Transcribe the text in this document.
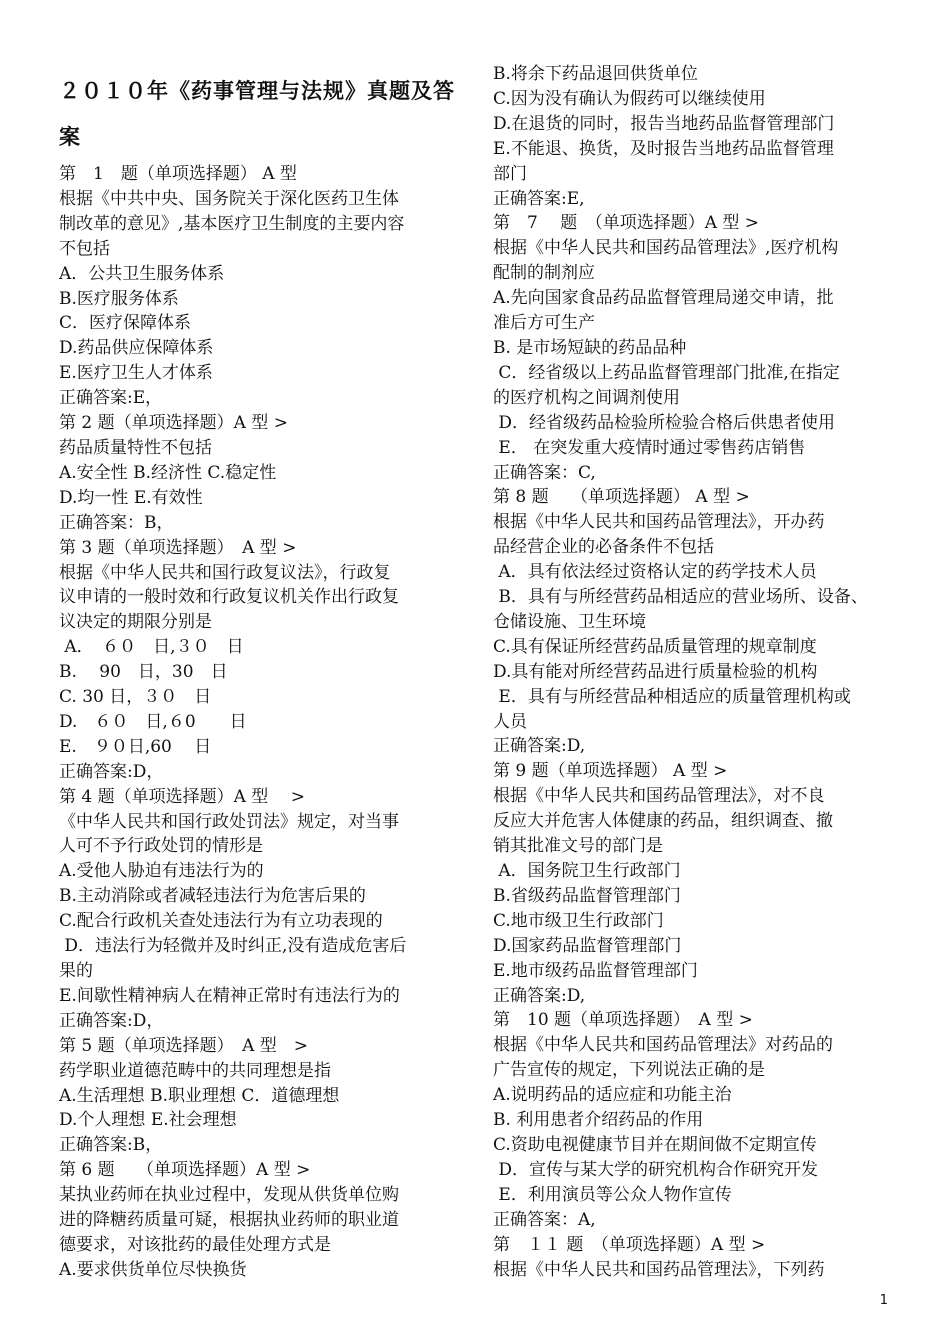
２０１０年《药事管理与法规》真题及答案

第　1　题（单项选择题） A 型

根据《中共中央、国务院关于深化医药卫生体

制改革的意见》,基本医疗卫生制度的主要内容

不包括

A．公共卫生服务体系

B.医疗服务体系

C．医疗保障体系

D.药品供应保障体系

E.医疗卫生人才体系

正确答案:E，

第 2 题（单项选择题）A 型 >

药品质量特性不包括

A.安全性 B.经济性 C.稳定性

D.均一性 E.有效性

正确答案：B，

第 3 题（单项选择题）　A 型 >

根据《中华人民共和国行政复议法》，行政复

议申请的一般时效和行政复议机关作出行政复

议决定的期限分别是

A．　６０　日,３０　日

B.　 90　日，30　日

C. 30 日，３０　日

D.　６０　日,６0　　日

E.　９０日,60　 日

正确答案:D，

第 4 题（单项选择题）A 型　 >

《中华人民共和国行政处罚法》规定，对当事

人可不予行政处罚的情形是

A.受他人胁迫有违法行为的

B.主动消除或者减轻违法行为危害后果的

C.配合行政机关查处违法行为有立功表现的

D．违法行为轻微并及时纠正,没有造成危害后

果的

E.间歇性精神病人在精神正常时有违法行为的

正确答案:D，

第 5 题（单项选择题）　A 型　>

药学职业道德范畴中的共同理想是指

A.生活理想 B.职业理想 C．道德理想

D.个人理想 E.社会理想

正确答案:B，

第 6 题　 （单项选择题）A 型 >

某执业药师在执业过程中，发现从供货单位购

进的降糖药质量可疑，根据执业药师的职业道

德要求，对该批药的最佳处理方式是

A.要求供货单位尽快换货

B.将余下药品退回供货单位

C.因为没有确认为假药可以继续使用

D.在退货的同时，报告当地药品监督管理部门

E.不能退、换货，及时报告当地药品监督管理

部门

正确答案:E,

第　7　 题　（单项选择题）A 型 >

根据《中华人民共和国药品管理法》,医疗机构

配制的制剂应

A.先向国家食品药品监督管理局递交申请，批

准后方可生产

B. 是市场短缺的药品品种

C．经省级以上药品监督管理部门批准,在指定

的医疗机构之间调剂使用

D．经省级药品检验所检验合格后供患者使用

E． 在突发重大疫情时通过零售药店销售

正确答案：C,

第 8 题　 （单项选择题） A 型 >

根据《中华人民共和国药品管理法》，开办药

品经营企业的必备条件不包括

A．具有依法经过资格认定的药学技术人员

B．具有与所经营药品相适应的营业场所、设备、

仓储设施、卫生环境

C.具有保证所经营药品质量管理的规章制度

D.具有能对所经营药品进行质量检验的机构

E．具有与所经营品种相适应的质量管理机构或

人员

正确答案:D,

第 9 题（单项选择题） A 型 >

根据《中华人民共和国药品管理法》，对不良

反应大并危害人体健康的药品，组织调查、撤

销其批准文号的部门是

A．国务院卫生行政部门

B.省级药品监督管理部门

C.地市级卫生行政部门

D.国家药品监督管理部门

E.地市级药品监督管理部门

正确答案:D,

第　10 题（单项选择题）　A 型 >

根据《中华人民共和国药品管理法》对药品的

广告宣传的规定，下列说法正确的是

A.说明药品的适应症和功能主治

B. 利用患者介绍药品的作用

C.资助电视健康节目并在期间做不定期宣传

D．宣传与某大学的研究机构合作研究开发

E．利用演员等公众人物作宣传

正确答案：A,

第　１１ 题　（单项选择题）A 型 >

根据《中华人民共和国药品管理法》，下列药

1
